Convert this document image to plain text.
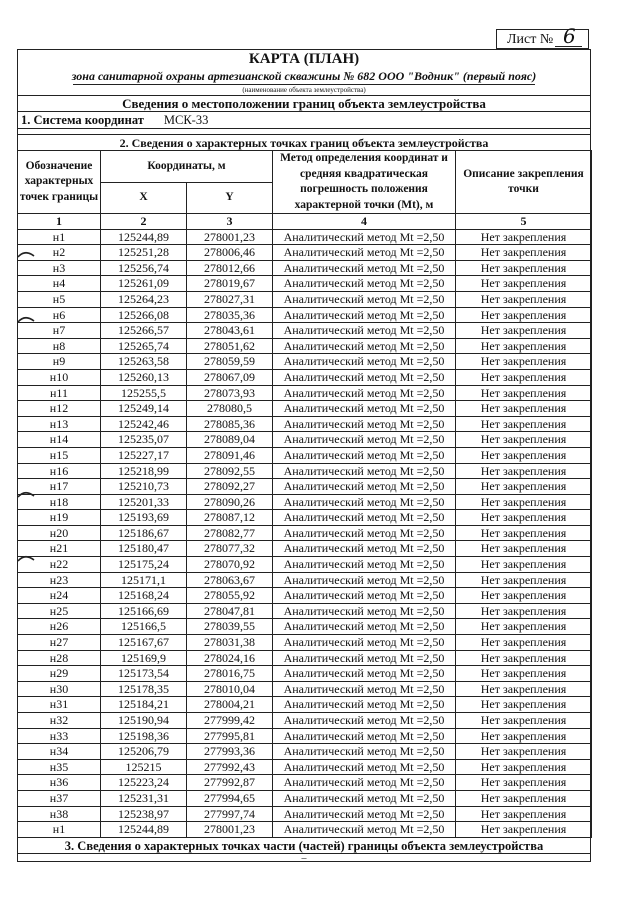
Лист № 6
КАРТА (ПЛАН)
зона санитарной охраны артезианской скважины № 682 ООО "Водник" (первый пояс)
(наименование объекта землеустройства)
Сведения о местоположении границ объекта землеустройства
1. Система координат МСК-33
2. Сведения о характерных точках границ объекта землеустройства
Обозначение характерных точек границы	Координаты, м		Метод определения координат и средняя квадратическая погрешность положения характерной точки (Mt), м	Описание закрепления точки
	X	Y		
1	2	3	4	5
н1	125244,89	278001,23	Аналитический метод Mt =2,50	Нет закрепления
н2	125251,28	278006,46	Аналитический метод Mt =2,50	Нет закрепления
н3	125256,74	278012,66	Аналитический метод Mt =2,50	Нет закрепления
н4	125261,09	278019,67	Аналитический метод Mt =2,50	Нет закрепления
н5	125264,23	278027,31	Аналитический метод Mt =2,50	Нет закрепления
н6	125266,08	278035,36	Аналитический метод Mt =2,50	Нет закрепления
н7	125266,57	278043,61	Аналитический метод Mt =2,50	Нет закрепления
н8	125265,74	278051,62	Аналитический метод Mt =2,50	Нет закрепления
н9	125263,58	278059,59	Аналитический метод Mt =2,50	Нет закрепления
н10	125260,13	278067,09	Аналитический метод Mt =2,50	Нет закрепления
н11	125255,5	278073,93	Аналитический метод Mt =2,50	Нет закрепления
н12	125249,14	278080,5	Аналитический метод Mt =2,50	Нет закрепления
н13	125242,46	278085,36	Аналитический метод Mt =2,50	Нет закрепления
н14	125235,07	278089,04	Аналитический метод Mt =2,50	Нет закрепления
н15	125227,17	278091,46	Аналитический метод Mt =2,50	Нет закрепления
н16	125218,99	278092,55	Аналитический метод Mt =2,50	Нет закрепления
н17	125210,73	278092,27	Аналитический метод Mt =2,50	Нет закрепления
н18	125201,33	278090,26	Аналитический метод Mt =2,50	Нет закрепления
н19	125193,69	278087,12	Аналитический метод Mt =2,50	Нет закрепления
н20	125186,67	278082,77	Аналитический метод Mt =2,50	Нет закрепления
н21	125180,47	278077,32	Аналитический метод Mt =2,50	Нет закрепления
н22	125175,24	278070,92	Аналитический метод Mt =2,50	Нет закрепления
н23	125171,1	278063,67	Аналитический метод Mt =2,50	Нет закрепления
н24	125168,24	278055,92	Аналитический метод Mt =2,50	Нет закрепления
н25	125166,69	278047,81	Аналитический метод Mt =2,50	Нет закрепления
н26	125166,5	278039,55	Аналитический метод Mt =2,50	Нет закрепления
н27	125167,67	278031,38	Аналитический метод Mt =2,50	Нет закрепления
н28	125169,9	278024,16	Аналитический метод Mt =2,50	Нет закрепления
н29	125173,54	278016,75	Аналитический метод Mt =2,50	Нет закрепления
н30	125178,35	278010,04	Аналитический метод Mt =2,50	Нет закрепления
н31	125184,21	278004,21	Аналитический метод Mt =2,50	Нет закрепления
н32	125190,94	277999,42	Аналитический метод Mt =2,50	Нет закрепления
н33	125198,36	277995,81	Аналитический метод Mt =2,50	Нет закрепления
н34	125206,79	277993,36	Аналитический метод Mt =2,50	Нет закрепления
н35	125215	277992,43	Аналитический метод Mt =2,50	Нет закрепления
н36	125223,24	277992,87	Аналитический метод Mt =2,50	Нет закрепления
н37	125231,31	277994,65	Аналитический метод Mt =2,50	Нет закрепления
н38	125238,97	277997,74	Аналитический метод Mt =2,50	Нет закрепления
н1	125244,89	278001,23	Аналитический метод Mt =2,50	Нет закрепления
3. Сведения о характерных точках части (частей) границы объекта землеустройства
–
